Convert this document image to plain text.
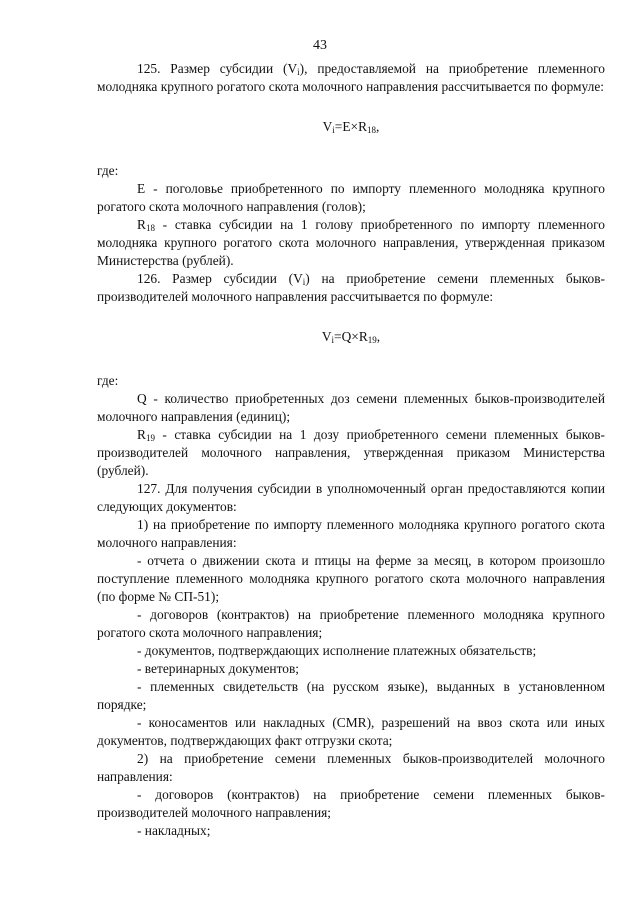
43

125. Размер субсидии $(V_i)$, предоставляемой на приобретение племенного молодняка крупного рогатого скота молочного направления рассчитывается по формуле:

$V_i=E\times R_{18}$,

где:

E - поголовье приобретенного по импорту племенного молодняка крупного рогатого скота молочного направления (голов);

$R_{18}$ - ставка субсидии на 1 голову приобретенного по импорту племенного молодняка крупного рогатого скота молочного направления, утвержденная приказом Министерства (рублей).

126. Размер субсидии $(V_i)$ на приобретение семени племенных быков-производителей молочного направления рассчитывается по формуле:

$V_i=Q\times R_{19}$,

где:

Q - количество приобретенных доз семени племенных быков-производителей молочного направления (единиц);

$R_{19}$ - ставка субсидии на 1 дозу приобретенного семени племенных быков-производителей молочного направления, утвержденная приказом Министерства (рублей).

127. Для получения субсидии в уполномоченный орган предоставляются копии следующих документов:

1) на приобретение по импорту племенного молодняка крупного рогатого скота молочного направления:

- отчета о движении скота и птицы на ферме за месяц, в котором произошло поступление племенного молодняка крупного рогатого скота молочного направления (по форме № СП-51);

- договоров (контрактов) на приобретение племенного молодняка крупного рогатого скота молочного направления;

- документов, подтверждающих исполнение платежных обязательств;

- ветеринарных документов;

- племенных свидетельств (на русском языке), выданных в установленном порядке;

- коносаментов или накладных (CMR), разрешений на ввоз скота или иных документов, подтверждающих факт отгрузки скота;

2) на приобретение семени племенных быков-производителей молочного направления:

- договоров (контрактов) на приобретение семени племенных быков-производителей молочного направления;

- накладных;
